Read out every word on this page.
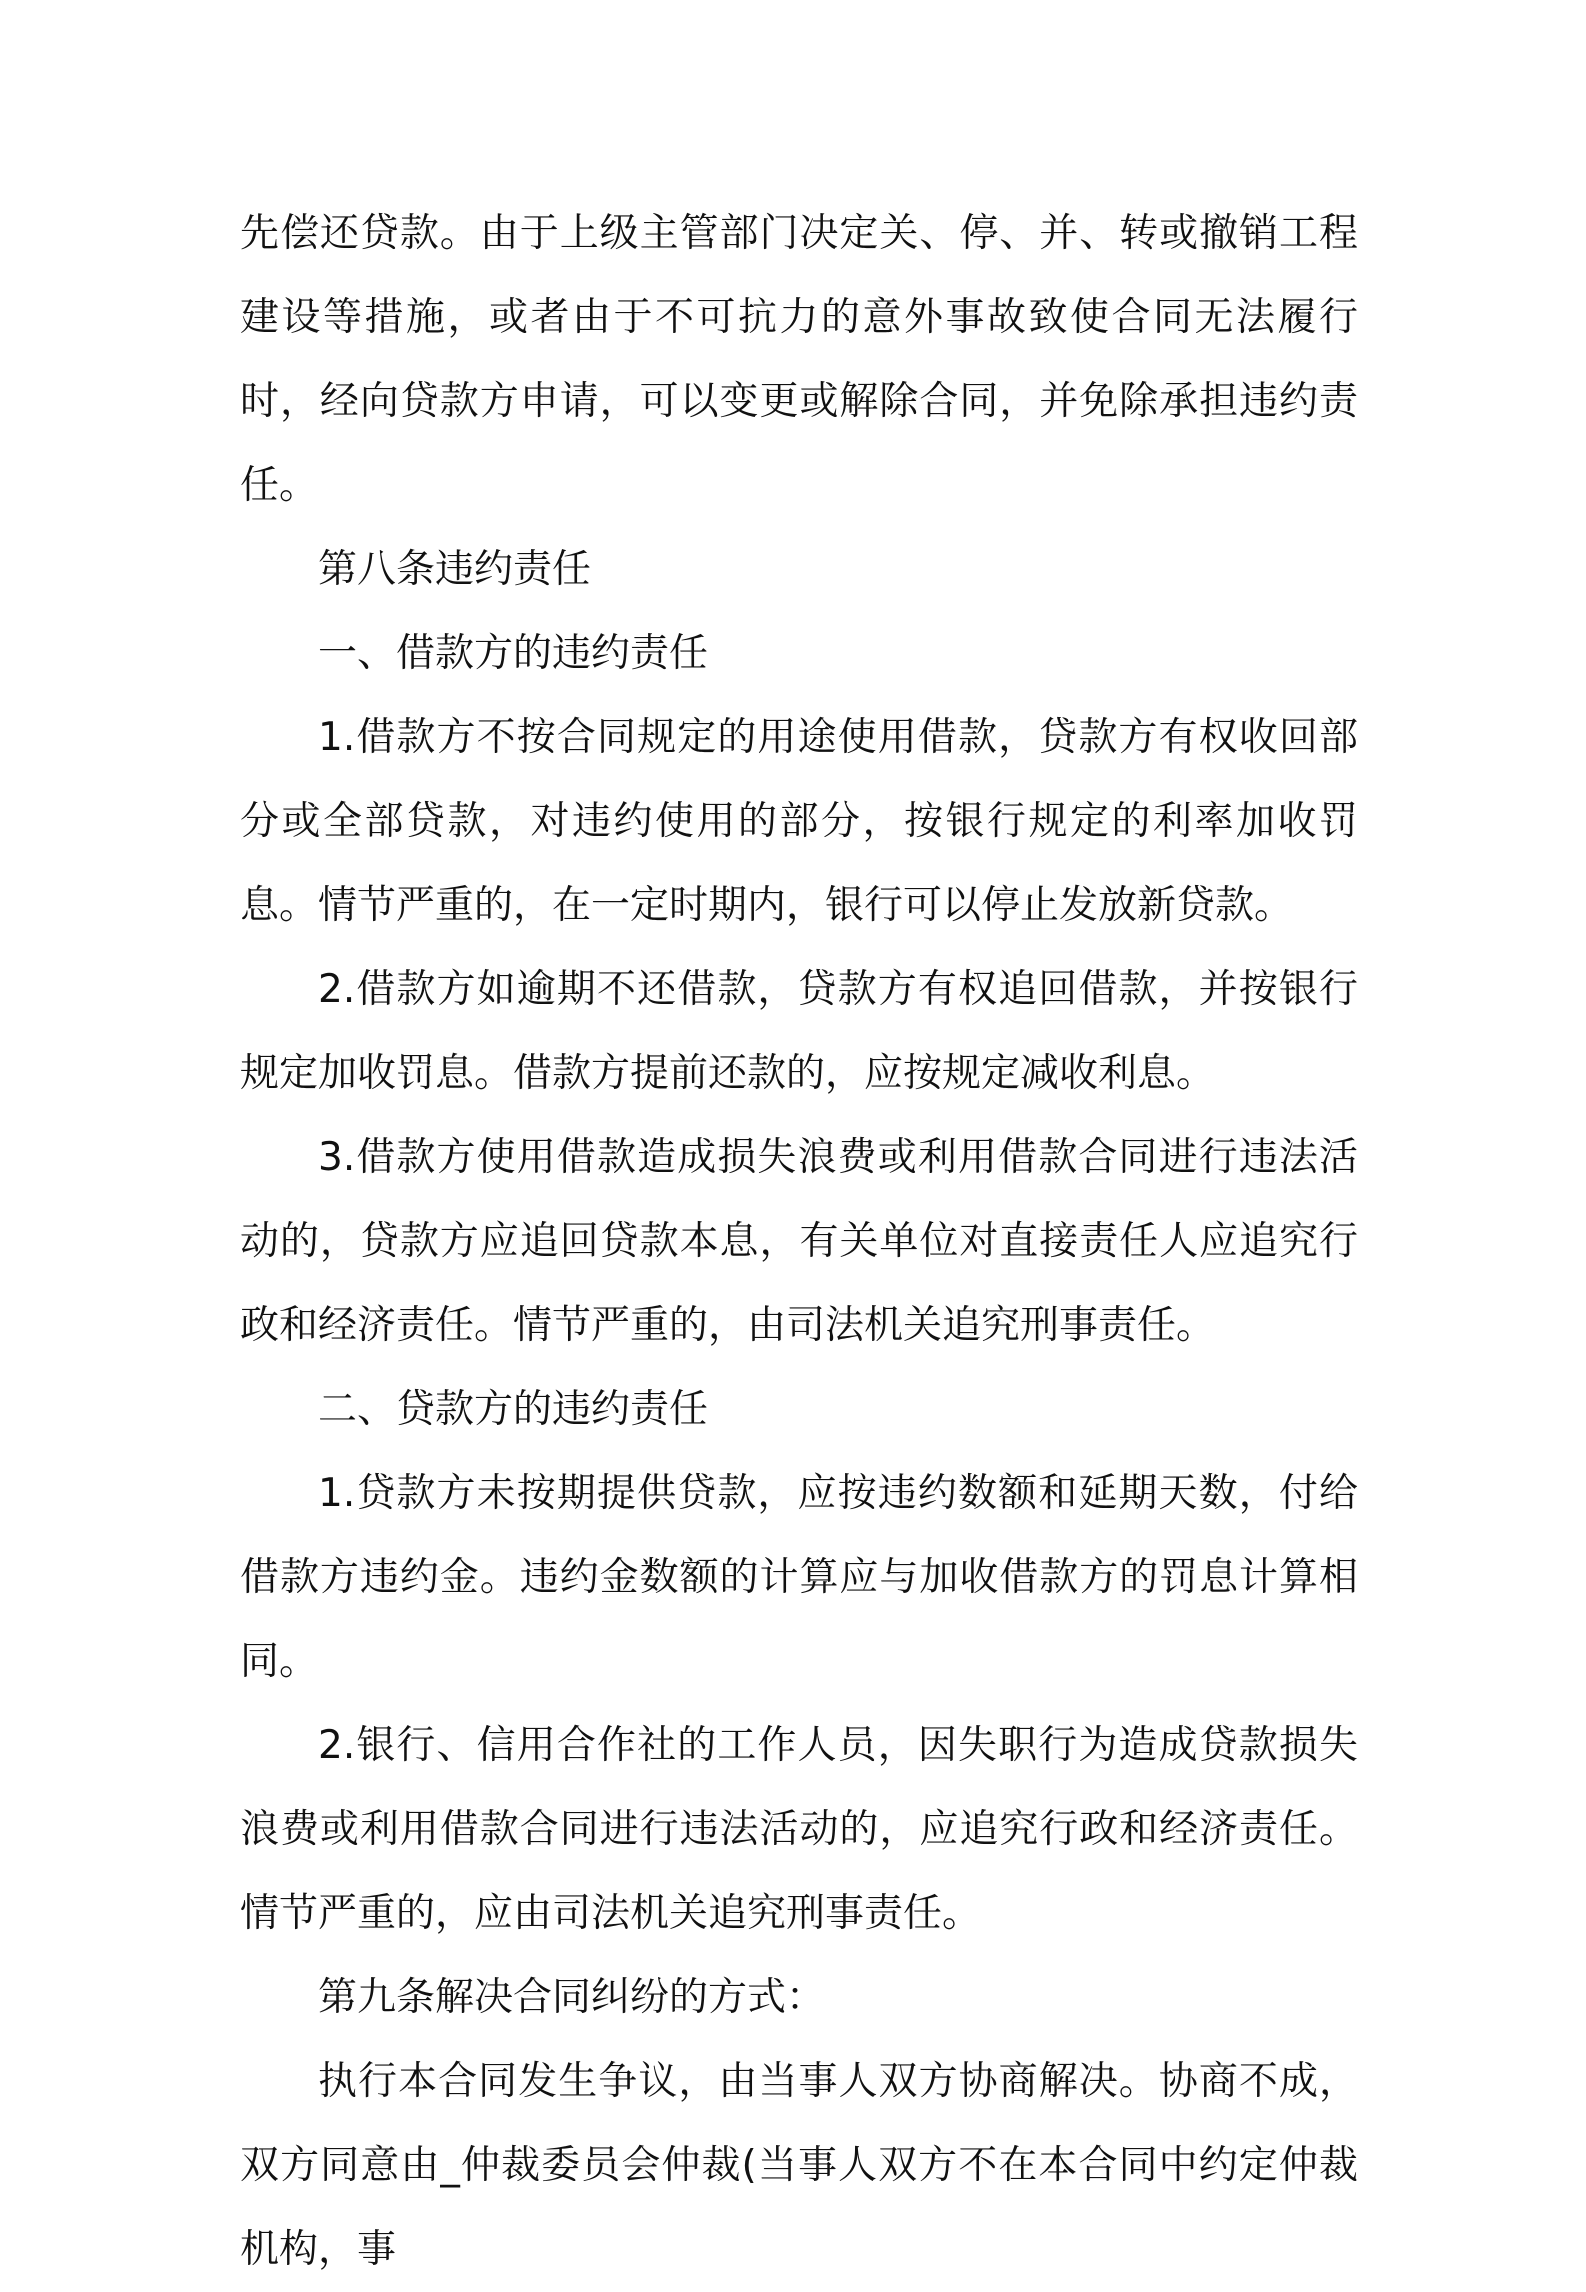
先偿还贷款。由于上级主管部门决定关、停、并、转或撤销工程建设等措施，或者由于不可抗力的意外事故致使合同无法履行时，经向贷款方申请，可以变更或解除合同，并免除承担违约责任。

第八条违约责任

一、借款方的违约责任

1.借款方不按合同规定的用途使用借款，贷款方有权收回部分或全部贷款，对违约使用的部分，按银行规定的利率加收罚息。情节严重的，在一定时期内，银行可以停止发放新贷款。

2.借款方如逾期不还借款，贷款方有权追回借款，并按银行规定加收罚息。借款方提前还款的，应按规定减收利息。

3.借款方使用借款造成损失浪费或利用借款合同进行违法活动的，贷款方应追回贷款本息，有关单位对直接责任人应追究行政和经济责任。情节严重的，由司法机关追究刑事责任。

二、贷款方的违约责任

1.贷款方未按期提供贷款，应按违约数额和延期天数，付给借款方违约金。违约金数额的计算应与加收借款方的罚息计算相同。

2.银行、信用合作社的工作人员，因失职行为造成贷款损失浪费或利用借款合同进行违法活动的，应追究行政和经济责任。情节严重的，应由司法机关追究刑事责任。

第九条解决合同纠纷的方式：

执行本合同发生争议，由当事人双方协商解决。协商不成，双方同意由_仲裁委员会仲裁(当事人双方不在本合同中约定仲裁机构，事
